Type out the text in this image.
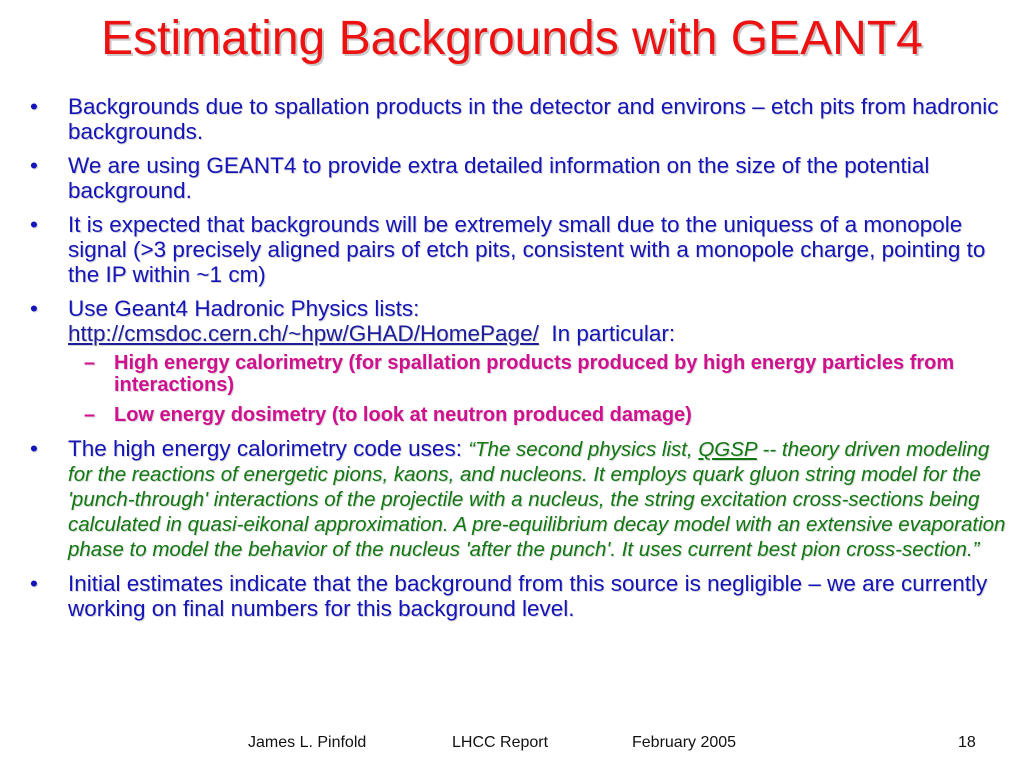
Estimating Backgrounds with GEANT4
• Backgrounds due to spallation products in the detector and environs – etch pits from hadronic backgrounds.
• We are using GEANT4 to provide extra detailed information on the size of the potential background.
• It is expected that backgrounds will be extremely small due to the uniquess of a monopole signal (>3 precisely aligned pairs of etch pits, consistent with a monopole charge, pointing to the IP within ~1 cm)
• Use Geant4 Hadronic Physics lists:
http://cmsdoc.cern.ch/~hpw/GHAD/HomePage/ In particular:
– High energy calorimetry (for spallation products produced by high energy particles from interactions)
– Low energy dosimetry (to look at neutron produced damage)
• The high energy calorimetry code uses: “The second physics list, QGSP -- theory driven modeling for the reactions of energetic pions, kaons, and nucleons. It employs quark gluon string model for the 'punch-through' interactions of the projectile with a nucleus, the string excitation cross-sections being calculated in quasi-eikonal approximation. A pre-equilibrium decay model with an extensive evaporation phase to model the behavior of the nucleus 'after the punch'. It uses current best pion cross-section.”
• Initial estimates indicate that the background from this source is negligible – we are currently working on final numbers for this background level.
James L. Pinfold	LHCC Report	February 2005	18
